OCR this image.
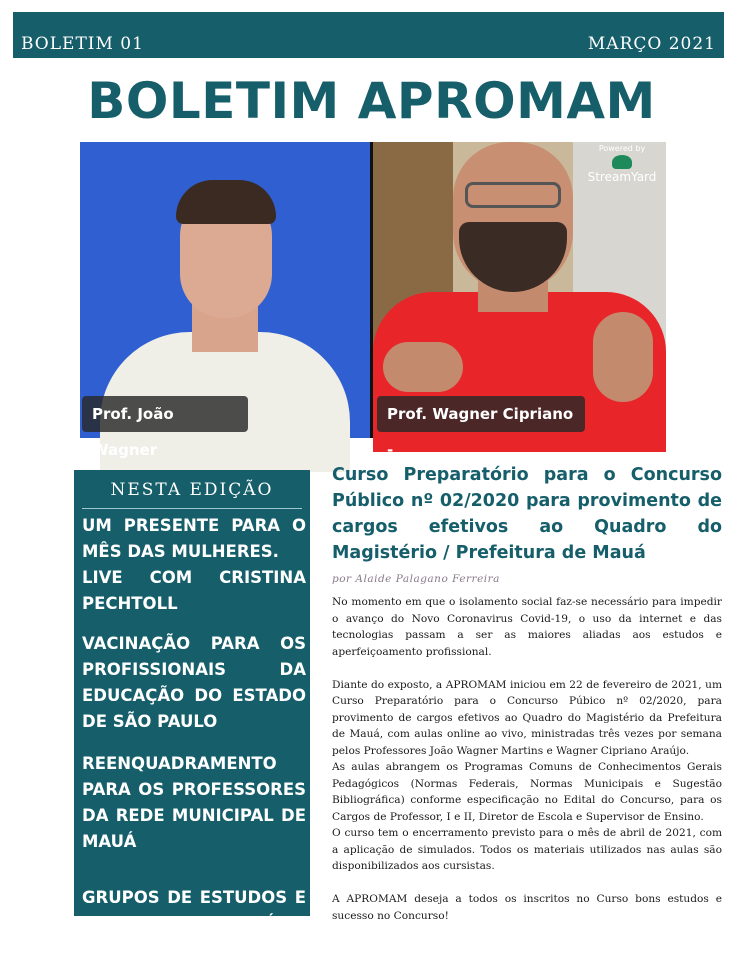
BOLETIM 01	MARÇO 2021
BOLETIM APROMAM
Prof. João Wagner
Powered by
StreamYard
Prof. Wagner Cipriano -
NESTA EDIÇÃO
UM PRESENTE PARA O MÊS DAS MULHERES.
LIVE COM CRISTINA PECHTOLL
VACINAÇÃO PARA OS PROFISSIONAIS DA EDUCAÇÃO DO ESTADO DE SÃO PAULO
REENQUADRAMENTO PARA OS PROFESSORES DA REDE MUNICIPAL DE MAUÁ
GRUPOS DE ESTUDOS E PESQUISAS COM INÍCIO EM MAIO
Curso Preparatório para o Concurso Público nº 02/2020 para provimento de cargos efetivos ao Quadro do Magistério / Prefeitura de Mauá
por Alaide Palagano Ferreira

No momento em que o isolamento social faz-se necessário para impedir o avanço do Novo Coronavirus Covid-19, o uso da internet e das tecnologias passam a ser as maiores aliadas aos estudos e aperfeiçoamento profissional.

Diante do exposto, a APROMAM iniciou em 22 de fevereiro de 2021, um Curso Preparatório para o Concurso Púbico nº 02/2020, para provimento de cargos efetivos ao Quadro do Magistério da Prefeitura de Mauá, com aulas online ao vivo, ministradas três vezes por semana pelos Professores João Wagner Martins e Wagner Cipriano Araújo.

As aulas abrangem os Programas Comuns de Conhecimentos Gerais Pedagógicos (Normas Federais, Normas Municipais e Sugestão Bibliográfica) conforme especificação no Edital do Concurso, para os Cargos de Professor, I e II, Diretor de Escola e Supervisor de Ensino.

O curso tem o encerramento previsto para o mês de abril de 2021, com a aplicação de simulados. Todos os materiais utilizados nas aulas são disponibilizados aos cursistas.

A APROMAM deseja a todos os inscritos no Curso bons estudos e sucesso no Concurso!
